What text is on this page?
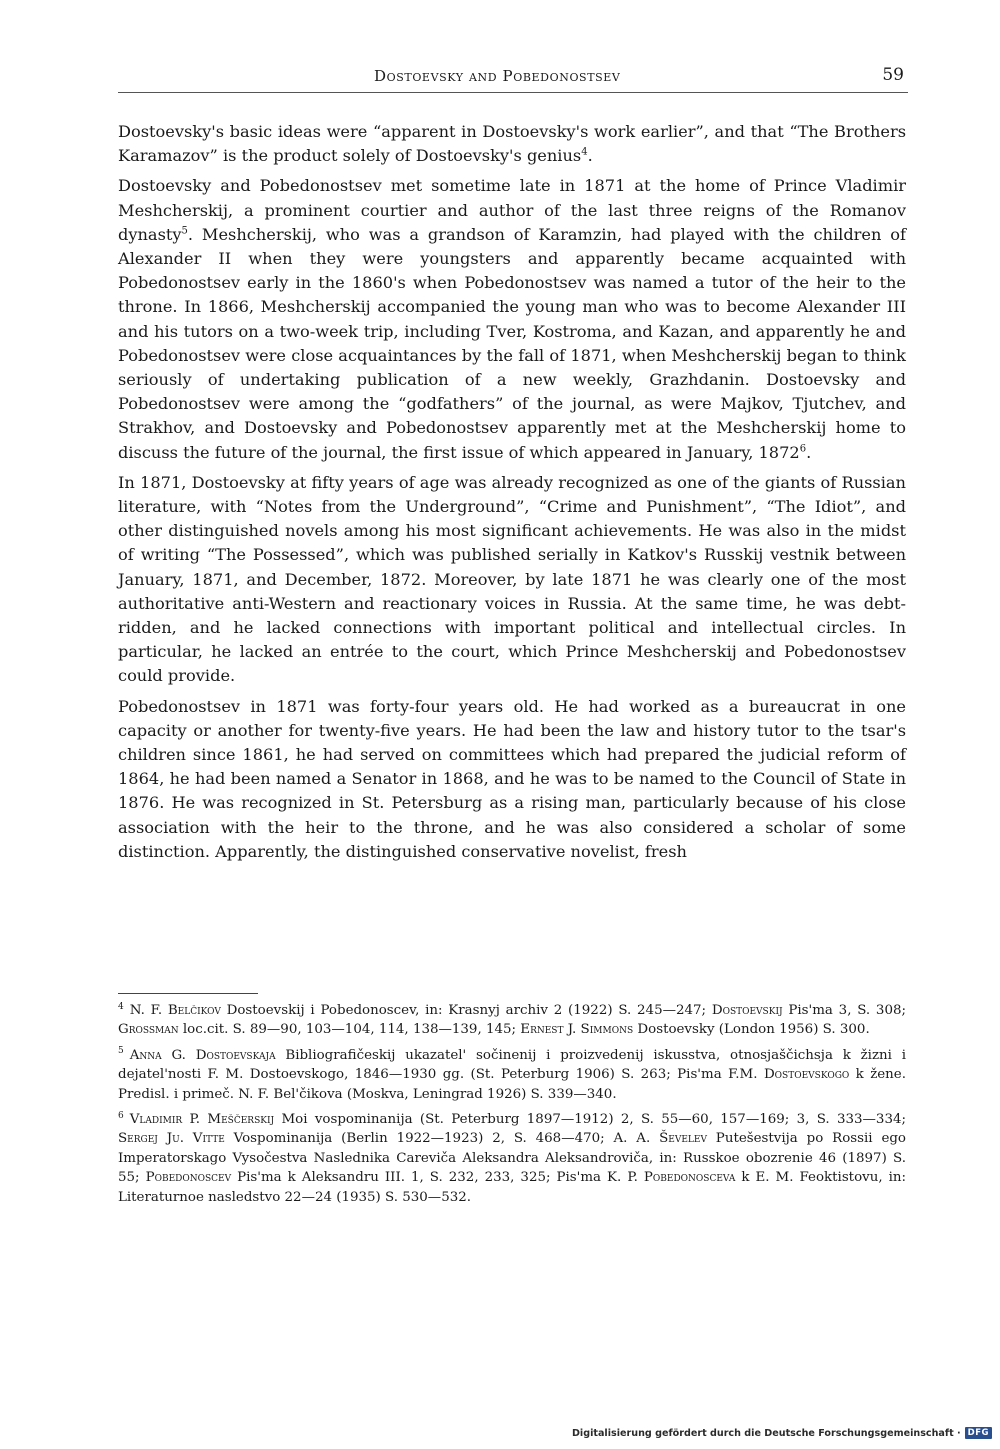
Dostoevsky and Pobedonostsev	59

Dostoevsky's basic ideas were “apparent in Dostoevsky's work earlier”, and that “The Brothers Karamazov” is the product solely of Dostoevsky's genius$^4$.

Dostoevsky and Pobedonostsev met sometime late in 1871 at the home of Prince Vladimir Meshcherskij, a prominent courtier and author of the last three reigns of the Romanov dynasty$^5$. Meshcherskij, who was a grandson of Karamzin, had played with the children of Alexander II when they were youngsters and apparently became acquainted with Pobedonostsev early in the 1860's when Pobedonostsev was named a tutor of the heir to the throne. In 1866, Meshcherskij accompanied the young man who was to become Alexander III and his tutors on a two-week trip, including Tver, Kostroma, and Kazan, and apparently he and Pobedonostsev were close acquaintances by the fall of 1871, when Meshcherskij began to think seriously of undertaking publication of a new weekly, Grazhdanin. Dostoevsky and Pobedonostsev were among the “godfathers” of the journal, as were Majkov, Tjutchev, and Strakhov, and Dostoevsky and Pobedonostsev apparently met at the Meshcherskij home to discuss the future of the journal, the first issue of which appeared in January, 1872$^6$.

In 1871, Dostoevsky at fifty years of age was already recognized as one of the giants of Russian literature, with “Notes from the Underground”, “Crime and Punishment”, “The Idiot”, and other distinguished novels among his most significant achievements. He was also in the midst of writing “The Possessed”, which was published serially in Katkov's Russkij vestnik between January, 1871, and December, 1872. Moreover, by late 1871 he was clearly one of the most authoritative anti-Western and reactionary voices in Russia. At the same time, he was debt-ridden, and he lacked connections with important political and intellectual circles. In particular, he lacked an entrée to the court, which Prince Meshcherskij and Pobedonostsev could provide.

Pobedonostsev in 1871 was forty-four years old. He had worked as a bureaucrat in one capacity or another for twenty-five years. He had been the law and history tutor to the tsar's children since 1861, he had served on committees which had prepared the judicial reform of 1864, he had been named a Senator in 1868, and he was to be named to the Council of State in 1876. He was recognized in St. Petersburg as a rising man, particularly because of his close association with the heir to the throne, and he was also considered a scholar of some distinction. Apparently, the distinguished conservative novelist, fresh

$^4$ N. F. Belčikov Dostoevskij i Pobedonoscev, in: Krasnyj archiv 2 (1922) S. 245—247; Dostoevskij Pis'ma 3, S. 308; Grossman loc.cit. S. 89—90, 103—104, 114, 138—139, 145; Ernest J. Simmons Dostoevsky (London 1956) S. 300.

$^5$ Anna G. Dostoevskaja Bibliografičeskij ukazatel' sočinenij i proizvedenij iskusstva, otnosjaščichsja k žizni i dejatel'nosti F. M. Dostoevskogo, 1846—1930 gg. (St. Peterburg 1906) S. 263; Pis'ma F.M. Dostoevskogo k žene. Predisl. i primeč. N. F. Bel'čikova (Moskva, Leningrad 1926) S. 339—340.

$^6$ Vladimir P. Meščerskij Moi vospominanija (St. Peterburg 1897—1912) 2, S. 55—60, 157—169; 3, S. 333—334; Sergej Ju. Vitte Vospominanija (Berlin 1922—1923) 2, S. 468—470; A. A. Ševelev Putešestvija po Rossii ego Imperatorskago Vysočestva Naslednika Careviča Aleksandra Aleksandroviča, in: Russkoe obozrenie 46 (1897) S. 55; Pobedonoscev Pis'ma k Aleksandru III. 1, S. 232, 233, 325; Pis'ma K. P. Pobedonosceva k E. M. Feoktistovu, in: Literaturnoe nasledstvo 22—24 (1935) S. 530—532.

Digitalisierung gefördert durch die Deutsche Forschungsgemeinschaft · DFG
